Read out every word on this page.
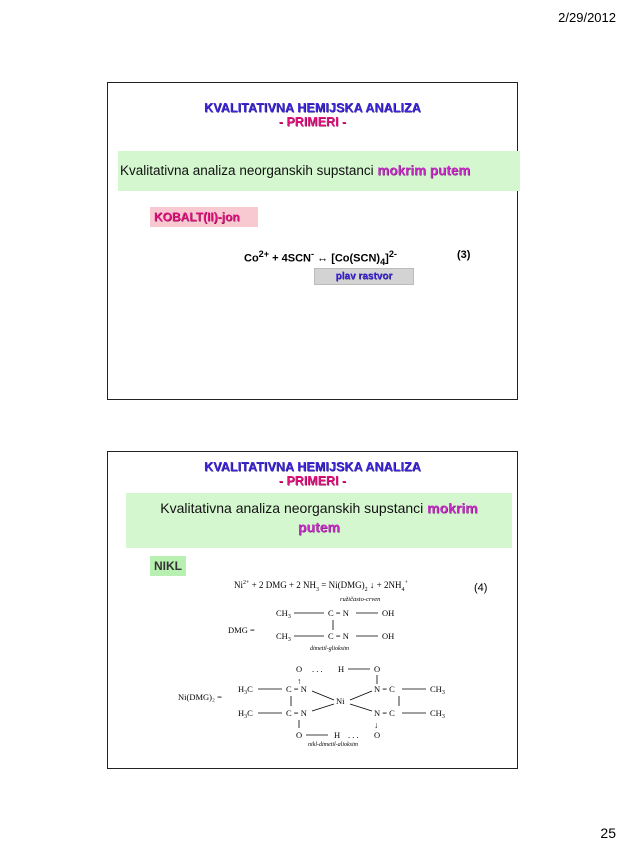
2/29/2012
KVALITATIVNA HEMIJSKA ANALIZA
- PRIMERI -
Kvalitativna analiza neorganskih supstanci mokrim putem
KOBALT(II)-jon
$Co^{2+} + 4SCN^-$ ↔ $[Co(SCN)_4]^{2-}$	(3)
plav rastvor
KVALITATIVNA HEMIJSKA ANALIZA
- PRIMERI -
Kvalitativna analiza neorganskih supstanci mokrim
putem
NIKL
$Ni^{2+} + 2$ DMG + 2 $NH_3 = Ni(DMG)_2$ ↓ + $2NH_4^+$
ružičasto-crven
(4)
DMG =
$CH_3$	C = N	OH
$CH_3$	C = N	OH
dimetil-glioksim
O . . . H	O
↑
Ni(DMG)₂ =
$H_3C$	C = N
Ni
N = C	$CH_3$
$H_3C$	C = N	N = C	$CH_3$
↓
O	H . . . O
nikl-dimetil-glioksim
25
